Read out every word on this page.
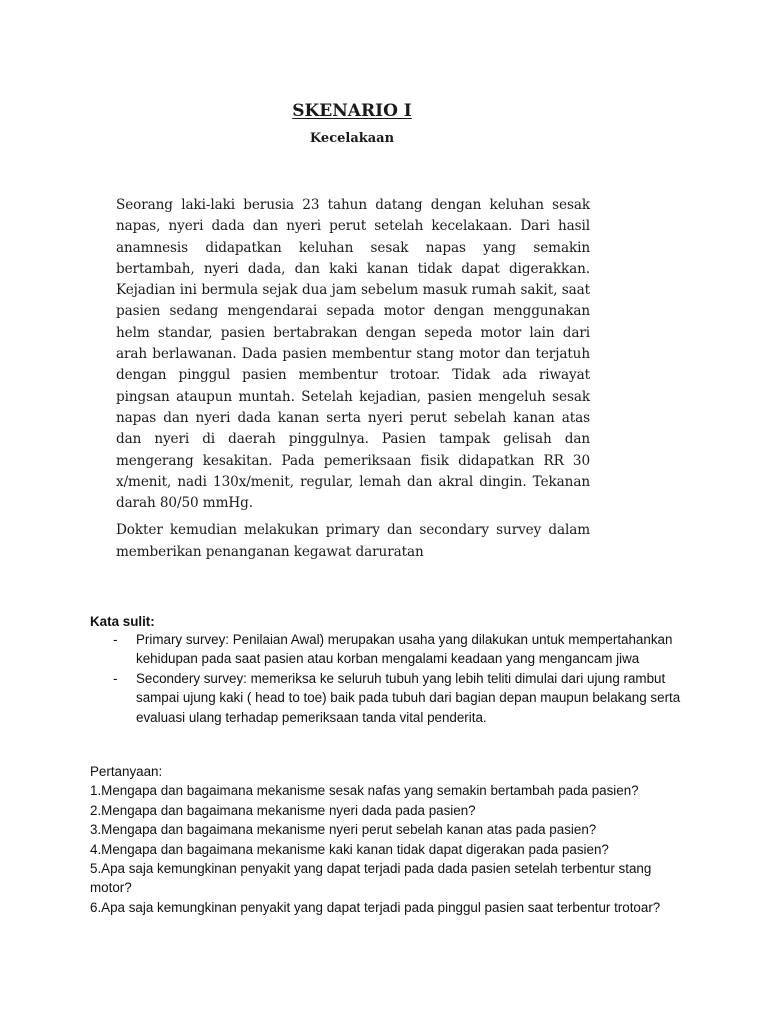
SKENARIO I
Kecelakaan

Seorang laki-laki berusia 23 tahun datang dengan keluhan sesak napas, nyeri dada dan nyeri perut setelah kecelakaan. Dari hasil anamnesis didapatkan keluhan sesak napas yang semakin bertambah, nyeri dada, dan kaki kanan tidak dapat digerakkan. Kejadian ini bermula sejak dua jam sebelum masuk rumah sakit, saat pasien sedang mengendarai sepada motor dengan menggunakan helm standar, pasien bertabrakan dengan sepeda motor lain dari arah berlawanan. Dada pasien membentur stang motor dan terjatuh dengan pinggul pasien membentur trotoar. Tidak ada riwayat pingsan ataupun muntah. Setelah kejadian, pasien mengeluh sesak napas dan nyeri dada kanan serta nyeri perut sebelah kanan atas dan nyeri di daerah pinggulnya. Pasien tampak gelisah dan mengerang kesakitan. Pada pemeriksaan fisik didapatkan RR 30 x/menit, nadi 130x/menit, regular, lemah dan akral dingin. Tekanan darah 80/50 mmHg.

Dokter kemudian melakukan primary dan secondary survey dalam memberikan penanganan kegawat daruratan

Kata sulit:

- Primary survey: Penilaian Awal) merupakan usaha yang dilakukan untuk mempertahankan kehidupan pada saat pasien atau korban mengalami keadaan yang mengancam jiwa
- Secondery survey: memeriksa ke seluruh tubuh yang lebih teliti dimulai dari ujung rambut sampai ujung kaki ( head to toe) baik pada tubuh dari bagian depan maupun belakang serta evaluasi ulang terhadap pemeriksaan tanda vital penderita.
Pertanyaan:
1.Mengapa dan bagaimana mekanisme sesak nafas yang semakin bertambah pada pasien?
2.Mengapa dan bagaimana mekanisme nyeri dada pada pasien?
3.Mengapa dan bagaimana mekanisme nyeri perut sebelah kanan atas pada pasien?
4.Mengapa dan bagaimana mekanisme kaki kanan tidak dapat digerakan pada pasien?
5.Apa saja kemungkinan penyakit yang dapat terjadi pada dada pasien setelah terbentur stang motor?
6.Apa saja kemungkinan penyakit yang dapat terjadi pada pinggul pasien saat terbentur trotoar?
